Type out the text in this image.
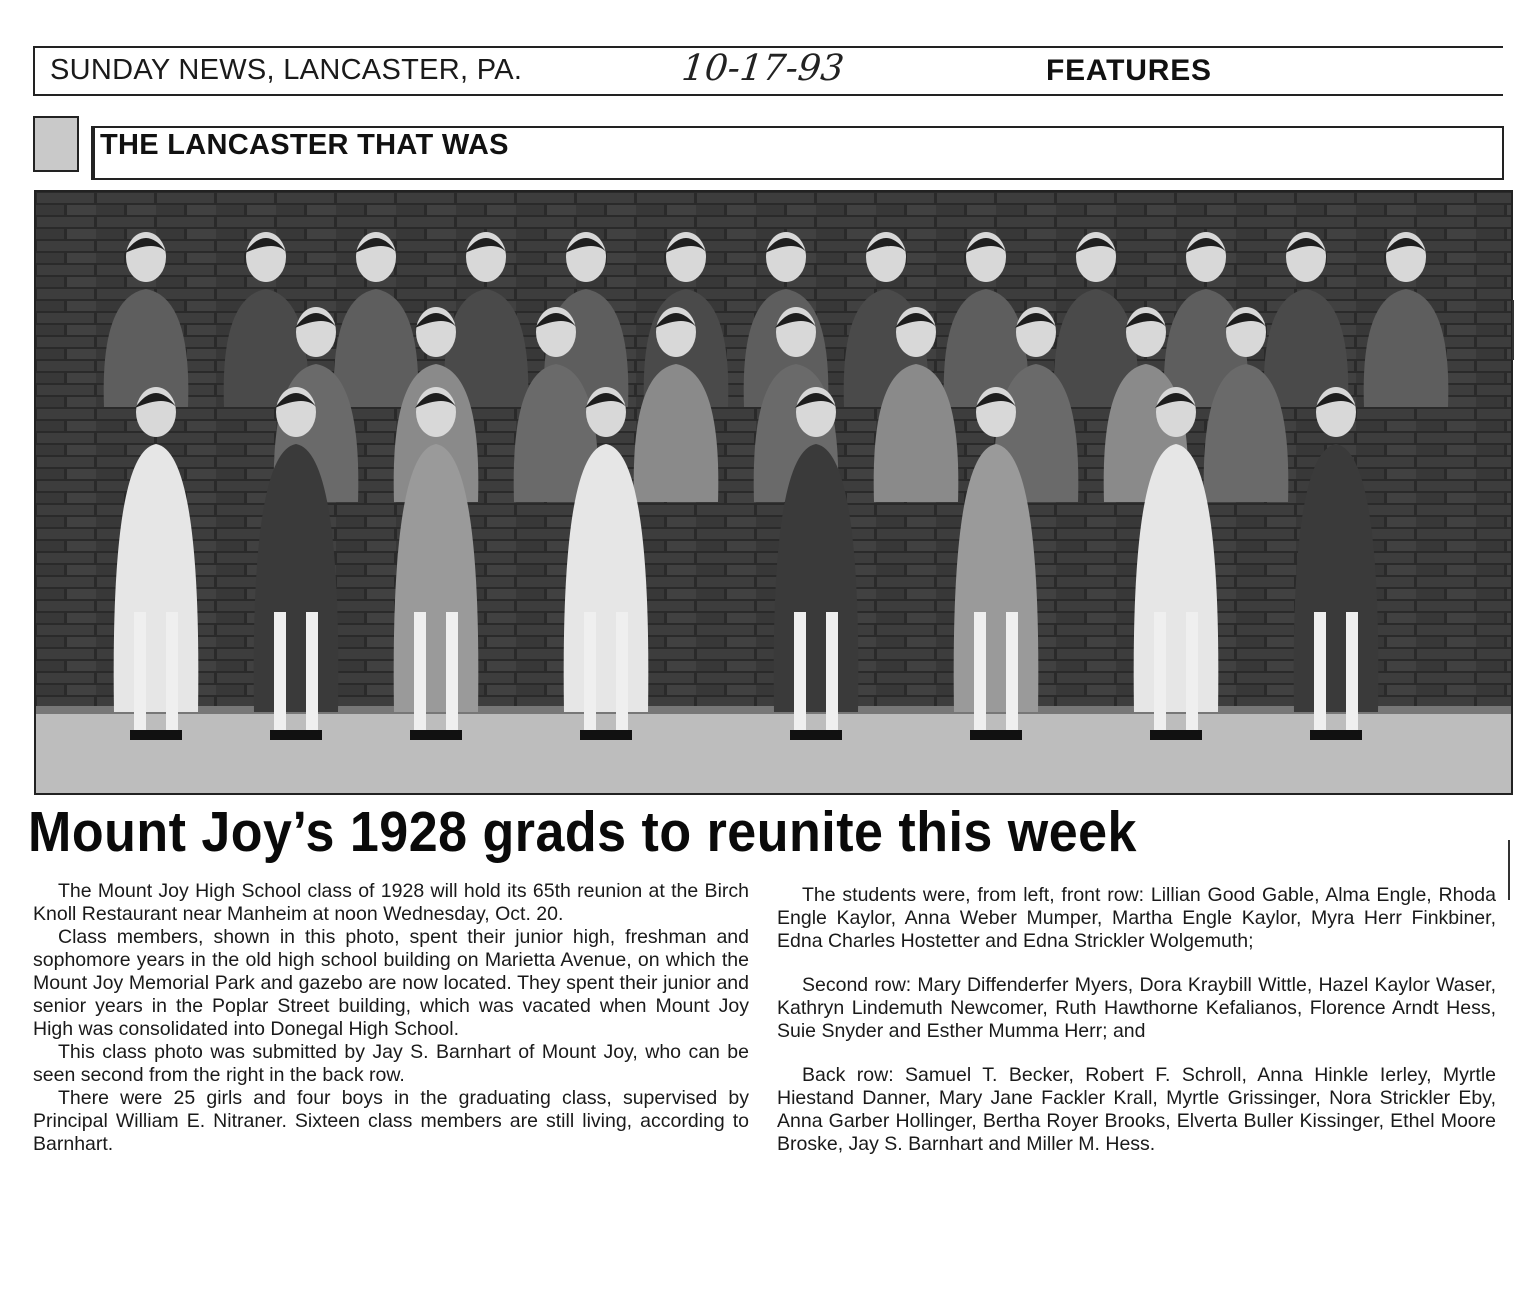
SUNDAY NEWS, LANCASTER, PA.	10-17-93	FEATURES
THE LANCASTER THAT WAS
Mount Joy’s 1928 grads to reunite this week

The Mount Joy High School class of 1928 will hold its 65th reunion at the Birch Knoll Restaurant near Manheim at noon Wednesday, Oct. 20.

Class members, shown in this photo, spent their junior high, freshman and sophomore years in the old high school building on Marietta Avenue, on which the Mount Joy Memorial Park and gazebo are now located. They spent their junior and senior years in the Poplar Street building, which was vacated when Mount Joy High was consolidated into Donegal High School.

This class photo was submitted by Jay S. Barnhart of Mount Joy, who can be seen second from the right in the back row.

There were 25 girls and four boys in the graduating class, supervised by Principal William E. Nitraner. Sixteen class members are still living, according to Barnhart.

The students were, from left, front row: Lillian Good Gable, Alma Engle, Rhoda Engle Kaylor, Anna Weber Mumper, Martha Engle Kaylor, Myra Herr Finkbiner, Edna Charles Hostetter and Edna Strickler Wolgemuth;

Second row: Mary Diffenderfer Myers, Dora Kraybill Wittle, Hazel Kaylor Waser, Kathryn Lindemuth Newcomer, Ruth Hawthorne Kefalianos, Florence Arndt Hess, Suie Snyder and Esther Mumma Herr; and

Back row: Samuel T. Becker, Robert F. Schroll, Anna Hinkle Ierley, Myrtle Hiestand Danner, Mary Jane Fackler Krall, Myrtle Grissinger, Nora Strickler Eby, Anna Garber Hollinger, Bertha Royer Brooks, Elverta Buller Kissinger, Ethel Moore Broske, Jay S. Barnhart and Miller M. Hess.
